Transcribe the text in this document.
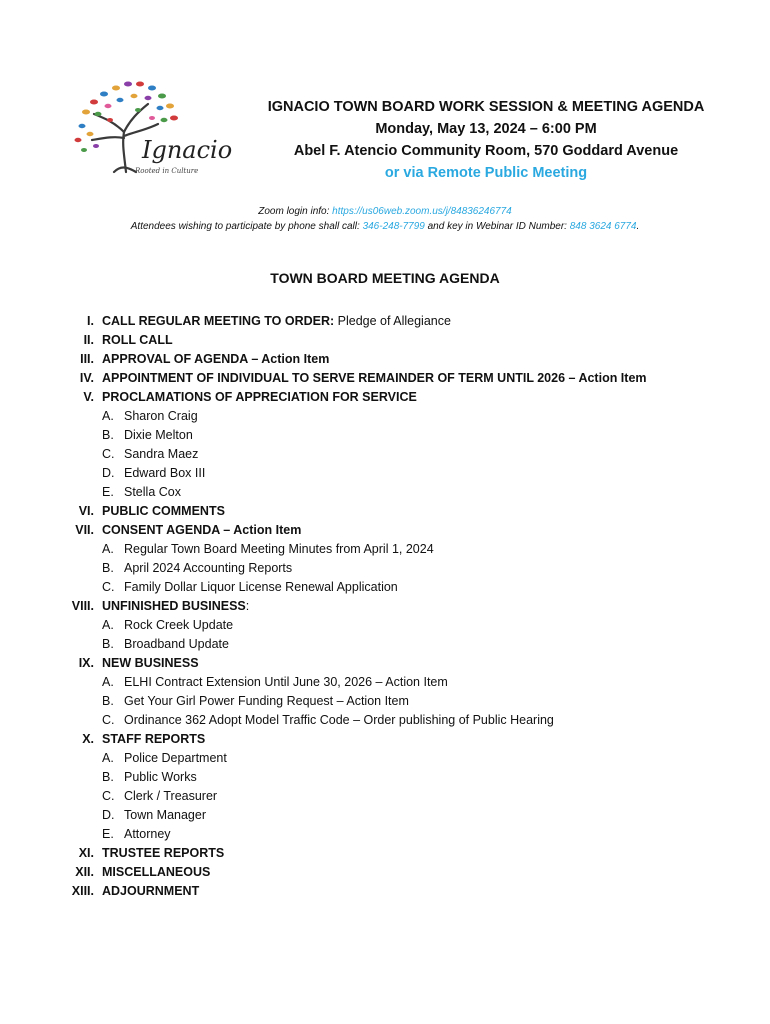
Ignacio
Rooted in Culture
IGNACIO TOWN BOARD WORK SESSION & MEETING AGENDA
Monday, May 13, 2024 – 6:00 PM
Abel F. Atencio Community Room, 570 Goddard Avenue
or via Remote Public Meeting
Zoom login info: https://us06web.zoom.us/j/84836246774
Attendees wishing to participate by phone shall call: 346-248-7799 and key in Webinar ID Number: 848 3624 6774.
TOWN BOARD MEETING AGENDA
I. CALL REGULAR MEETING TO ORDER: Pledge of Allegiance
II. ROLL CALL
III. APPROVAL OF AGENDA – Action Item
IV. APPOINTMENT OF INDIVIDUAL TO SERVE REMAINDER OF TERM UNTIL 2026 – Action Item
V. PROCLAMATIONS OF APPRECIATION FOR SERVICE
A. Sharon Craig
B. Dixie Melton
C. Sandra Maez
D. Edward Box III
E. Stella Cox
VI. PUBLIC COMMENTS
VII. CONSENT AGENDA – Action Item
A. Regular Town Board Meeting Minutes from April 1, 2024
B. April 2024 Accounting Reports
C. Family Dollar Liquor License Renewal Application
VIII. UNFINISHED BUSINESS:
A. Rock Creek Update
B. Broadband Update
IX. NEW BUSINESS
A. ELHI Contract Extension Until June 30, 2026 – Action Item
B. Get Your Girl Power Funding Request – Action Item
C. Ordinance 362 Adopt Model Traffic Code – Order publishing of Public Hearing
X. STAFF REPORTS
A. Police Department
B. Public Works
C. Clerk / Treasurer
D. Town Manager
E. Attorney
XI. TRUSTEE REPORTS
XII. MISCELLANEOUS
XIII. ADJOURNMENT
